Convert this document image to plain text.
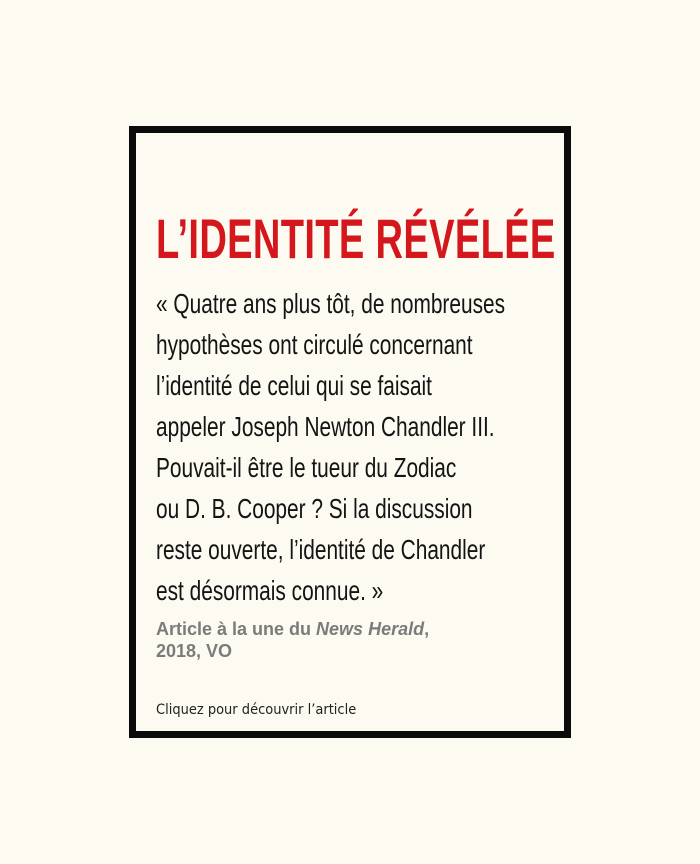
L’IDENTITÉ RÉVÉLÉE

« Quatre ans plus tôt, de nombreuses
hypothèses ont circulé concernant
l’identité de celui qui se faisait
appeler Joseph Newton Chandler III.
Pouvait-il être le tueur du Zodiac
ou D. B. Cooper ? Si la discussion
reste ouverte, l’identité de Chandler
est désormais connue. »

Article à la une du News Herald,
2018, VO

Cliquez pour découvrir l’article
